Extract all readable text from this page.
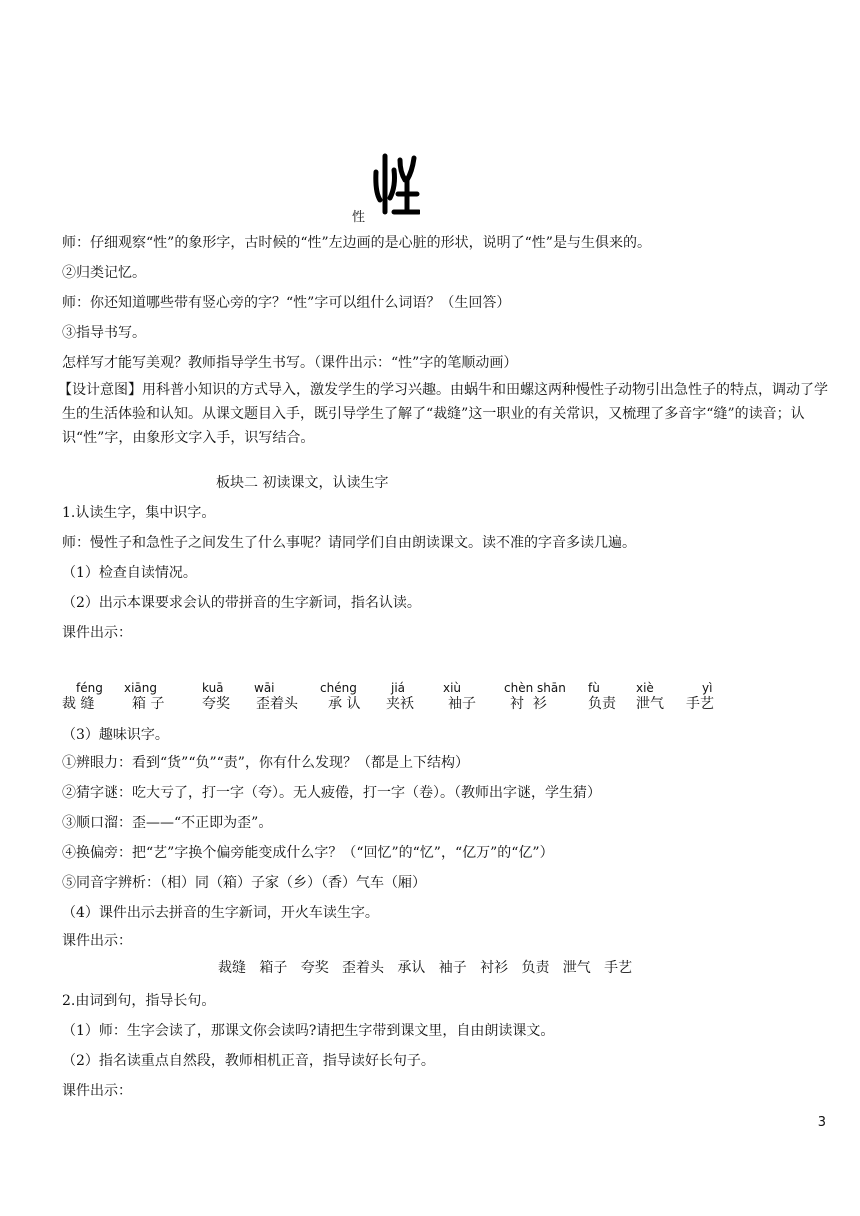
性
师：仔细观察“性”的象形字，古时候的“性”左边画的是心脏的形状，说明了“性”是与生俱来的。
②归类记忆。
师：你还知道哪些带有竖心旁的字？“性”字可以组什么词语？（生回答）
③指导书写。
怎样写才能写美观？教师指导学生书写。（课件出示：“性”字的笔顺动画）
【设计意图】用科普小知识的方式导入，激发学生的学习兴趣。由蜗牛和田螺这两种慢性子动物引出急性子的特点，调动了学生的生活体验和认知。从课文题目入手，既引导学生了解了“裁缝”这一职业的有关常识，又梳理了多音字“缝”的读音；认识“性”字，由象形文字入手，识写结合。
板块二 初读课文，认读生字
1.认读生字，集中识字。
师：慢性子和急性子之间发生了什么事呢？请同学们自由朗读课文。读不准的字音多读几遍。
（1）检查自读情况。
（2）出示本课要求会认的带拼音的生字新词，指名认读。
课件出示：
féng
裁 缝
xiāng
箱 子
kuā
夸奖
wāi
歪着头
chéng
承 认
jiá
夹袄
xiù
袖子
chèn shān
衬  衫
fù
负责
xiè
泄气
yì
手艺
（3）趣味识字。
①辨眼力：看到“货”“负”“责”，你有什么发现？（都是上下结构）
②猜字谜：吃大亏了，打一字（夸）。无人疲倦，打一字（卷）。（教师出字谜，学生猜）
③顺口溜：歪——“不正即为歪”。
④换偏旁：把“艺”字换个偏旁能变成什么字？（“回忆”的“忆”，“亿万”的“亿”）
⑤同音字辨析：（相）同（箱）子家（乡）（香）气车（厢）
（4）课件出示去拼音的生字新词，开火车读生字。
课件出示：
裁缝   箱子   夸奖   歪着头   承认   袖子   衬衫   负责   泄气   手艺
2.由词到句，指导长句。
（1）师：生字会读了，那课文你会读吗?请把生字带到课文里，自由朗读课文。
（2）指名读重点自然段，教师相机正音，指导读好长句子。
课件出示：
3
